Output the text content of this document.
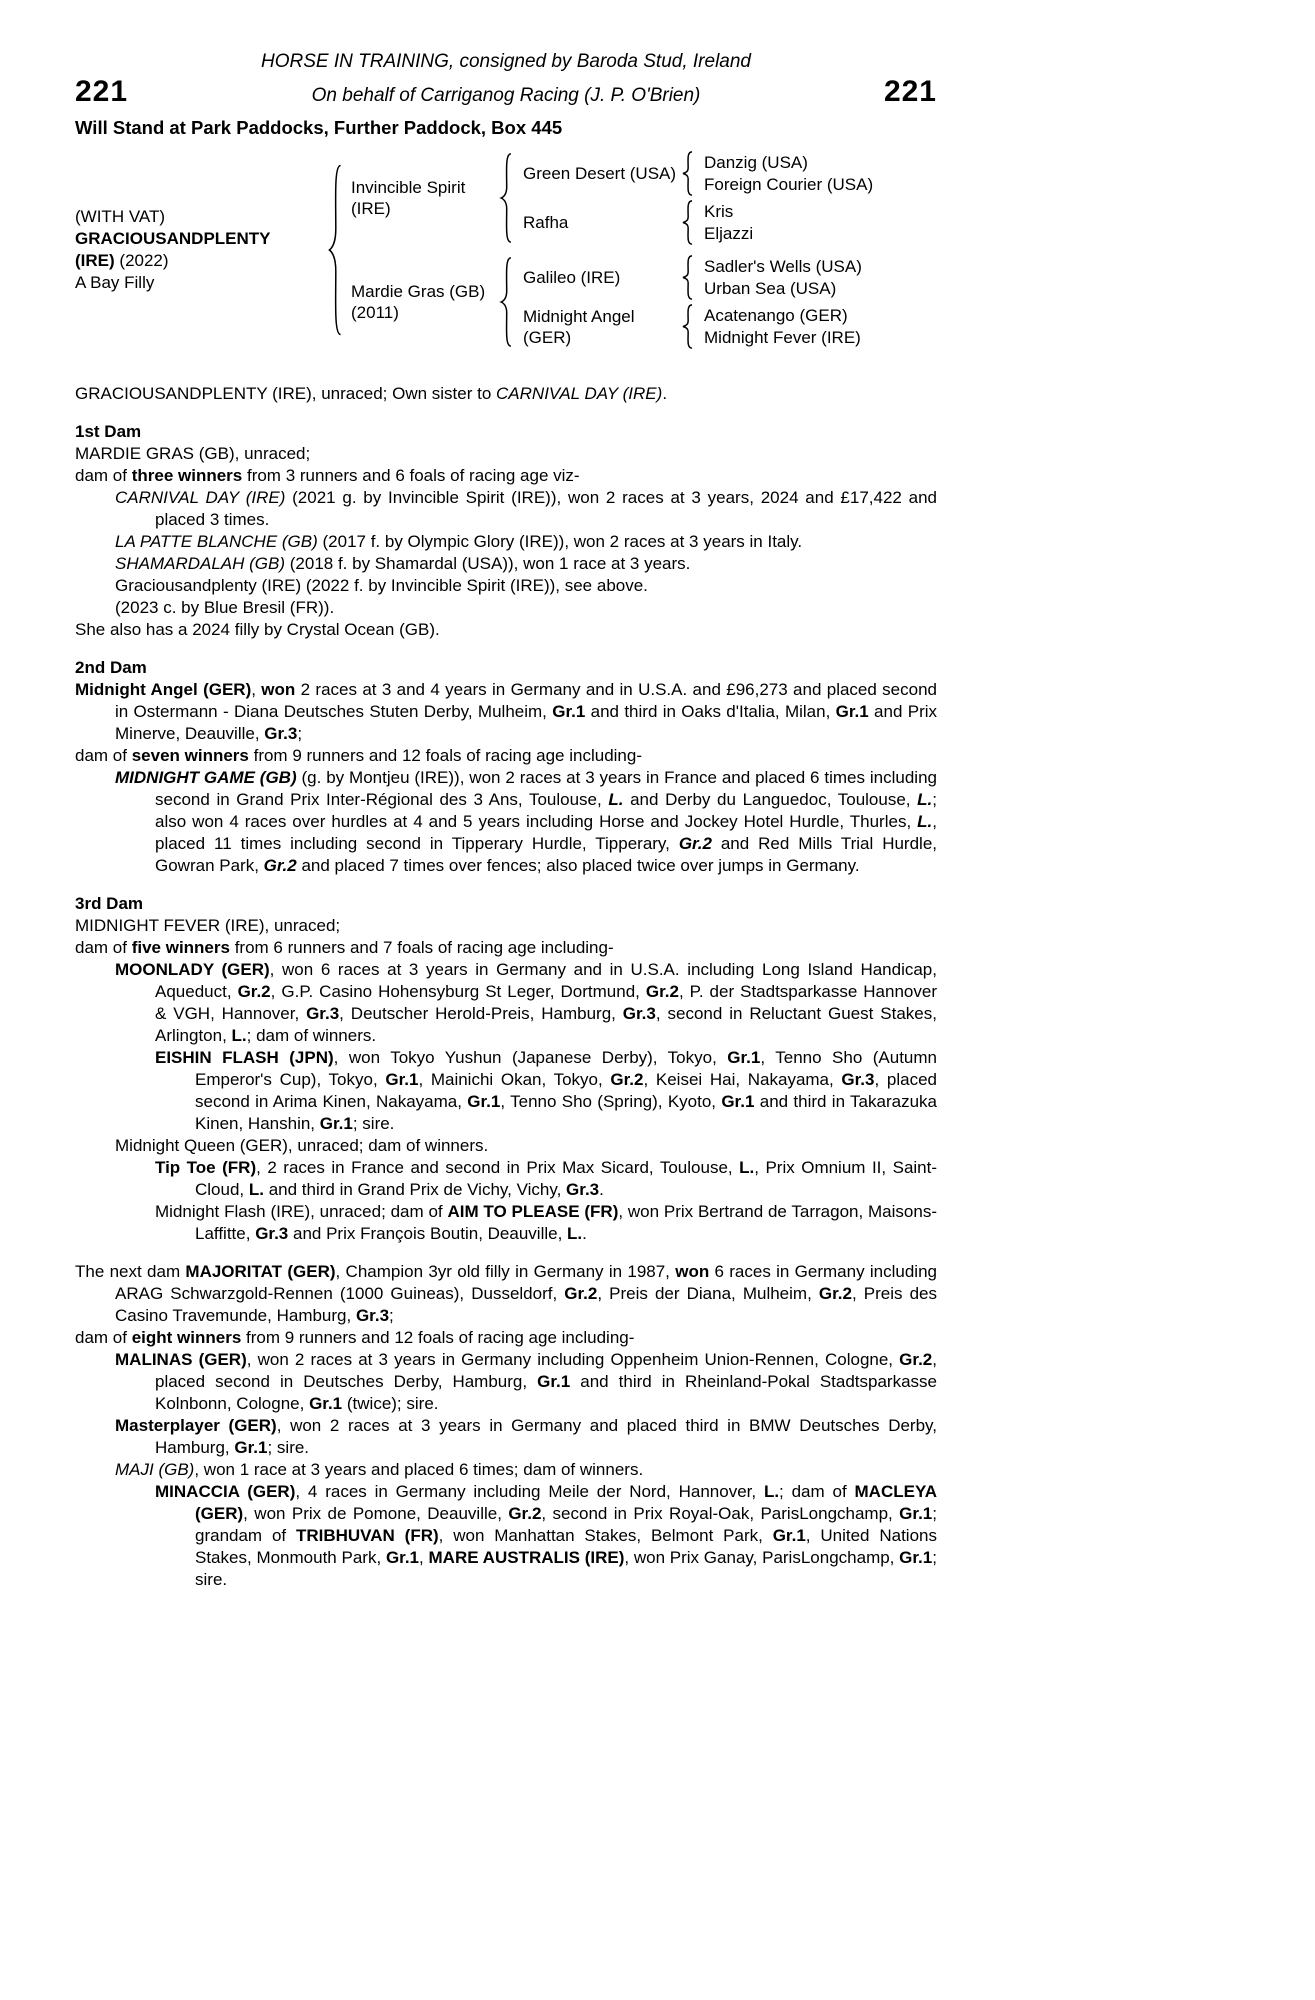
HORSE IN TRAINING, consigned by Baroda Stud, Ireland
221	On behalf of Carriganog Racing (J. P. O'Brien)	221
Will Stand at Park Paddocks, Further Paddock, Box 445
(WITH VAT)
GRACIOUSANDPLENTY
(IRE) (2022)
A Bay Filly
Invincible Spirit
(IRE)
Green Desert (USA)
Danzig (USA)
Foreign Courier (USA)
Rafha
Kris
Eljazzi
Mardie Gras (GB)
(2011)
Galileo (IRE)
Sadler's Wells (USA)
Urban Sea (USA)
Midnight Angel
(GER)
Acatenango (GER)
Midnight Fever (IRE)
GRACIOUSANDPLENTY (IRE), unraced; Own sister to CARNIVAL DAY (IRE).
1st Dam
MARDIE GRAS (GB), unraced;
dam of three winners from 3 runners and 6 foals of racing age viz-
CARNIVAL DAY (IRE) (2021 g. by Invincible Spirit (IRE)), won 2 races at 3 years, 2024 and £17,422 and placed 3 times.
LA PATTE BLANCHE (GB) (2017 f. by Olympic Glory (IRE)), won 2 races at 3 years in Italy.
SHAMARDALAH (GB) (2018 f. by Shamardal (USA)), won 1 race at 3 years.
Graciousandplenty (IRE) (2022 f. by Invincible Spirit (IRE)), see above.
(2023 c. by Blue Bresil (FR)).
She also has a 2024 filly by Crystal Ocean (GB).
2nd Dam
Midnight Angel (GER), won 2 races at 3 and 4 years in Germany and in U.S.A. and £96,273 and placed second in Ostermann - Diana Deutsches Stuten Derby, Mulheim, Gr.1 and third in Oaks d'Italia, Milan, Gr.1 and Prix Minerve, Deauville, Gr.3;
dam of seven winners from 9 runners and 12 foals of racing age including-
MIDNIGHT GAME (GB) (g. by Montjeu (IRE)), won 2 races at 3 years in France and placed 6 times including second in Grand Prix Inter-Régional des 3 Ans, Toulouse, L. and Derby du Languedoc, Toulouse, L.; also won 4 races over hurdles at 4 and 5 years including Horse and Jockey Hotel Hurdle, Thurles, L., placed 11 times including second in Tipperary Hurdle, Tipperary, Gr.2 and Red Mills Trial Hurdle, Gowran Park, Gr.2 and placed 7 times over fences; also placed twice over jumps in Germany.
3rd Dam
MIDNIGHT FEVER (IRE), unraced;
dam of five winners from 6 runners and 7 foals of racing age including-
MOONLADY (GER), won 6 races at 3 years in Germany and in U.S.A. including Long Island Handicap, Aqueduct, Gr.2, G.P. Casino Hohensyburg St Leger, Dortmund, Gr.2, P. der Stadtsparkasse Hannover & VGH, Hannover, Gr.3, Deutscher Herold-Preis, Hamburg, Gr.3, second in Reluctant Guest Stakes, Arlington, L.; dam of winners.
EISHIN FLASH (JPN), won Tokyo Yushun (Japanese Derby), Tokyo, Gr.1, Tenno Sho (Autumn Emperor's Cup), Tokyo, Gr.1, Mainichi Okan, Tokyo, Gr.2, Keisei Hai, Nakayama, Gr.3, placed second in Arima Kinen, Nakayama, Gr.1, Tenno Sho (Spring), Kyoto, Gr.1 and third in Takarazuka Kinen, Hanshin, Gr.1; sire.
Midnight Queen (GER), unraced; dam of winners.
Tip Toe (FR), 2 races in France and second in Prix Max Sicard, Toulouse, L., Prix Omnium II, Saint-Cloud, L. and third in Grand Prix de Vichy, Vichy, Gr.3.
Midnight Flash (IRE), unraced; dam of AIM TO PLEASE (FR), won Prix Bertrand de Tarragon, Maisons-Laffitte, Gr.3 and Prix François Boutin, Deauville, L..
The next dam MAJORITAT (GER), Champion 3yr old filly in Germany in 1987, won 6 races in Germany including ARAG Schwarzgold-Rennen (1000 Guineas), Dusseldorf, Gr.2, Preis der Diana, Mulheim, Gr.2, Preis des Casino Travemunde, Hamburg, Gr.3;
dam of eight winners from 9 runners and 12 foals of racing age including-
MALINAS (GER), won 2 races at 3 years in Germany including Oppenheim Union-Rennen, Cologne, Gr.2, placed second in Deutsches Derby, Hamburg, Gr.1 and third in Rheinland-Pokal Stadtsparkasse Kolnbonn, Cologne, Gr.1 (twice); sire.
Masterplayer (GER), won 2 races at 3 years in Germany and placed third in BMW Deutsches Derby, Hamburg, Gr.1; sire.
MAJI (GB), won 1 race at 3 years and placed 6 times; dam of winners.
MINACCIA (GER), 4 races in Germany including Meile der Nord, Hannover, L.; dam of MACLEYA (GER), won Prix de Pomone, Deauville, Gr.2, second in Prix Royal-Oak, ParisLongchamp, Gr.1; grandam of TRIBHUVAN (FR), won Manhattan Stakes, Belmont Park, Gr.1, United Nations Stakes, Monmouth Park, Gr.1, MARE AUSTRALIS (IRE), won Prix Ganay, ParisLongchamp, Gr.1; sire.
